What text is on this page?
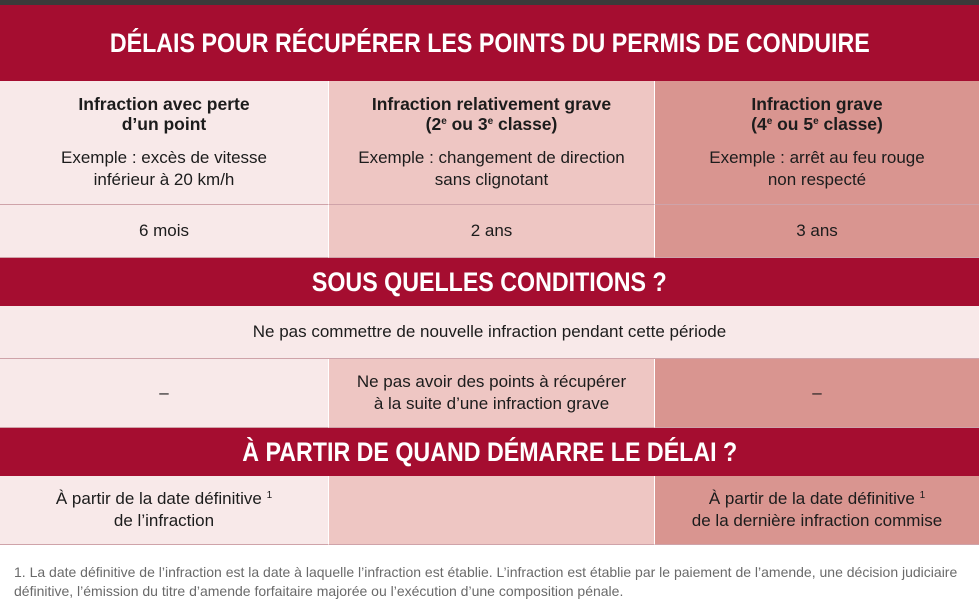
DÉLAIS POUR RÉCUPÉRER LES POINTS DU PERMIS DE CONDUIRE
Infraction avec perte
d’un point
Exemple : excès de vitesse
inférieur à 20 km/h
Infraction relativement grave
(2e ou 3e classe)
Exemple : changement de direction
sans clignotant
Infraction grave
(4e ou 5e classe)
Exemple : arrêt au feu rouge
non respecté
6 mois	2 ans	3 ans
SOUS QUELLES CONDITIONS ?
Ne pas commettre de nouvelle infraction pendant cette période
–
Ne pas avoir des points à récupérer
à la suite d’une infraction grave
–
À PARTIR DE QUAND DÉMARRE LE DÉLAI ?
À partir de la date définitive $^1$
de l’infraction
À partir de la date définitive $^1$
de la dernière infraction commise
1. La date définitive de l’infraction est la date à laquelle l’infraction est établie. L’infraction est établie par le paiement de l’amende, une décision judiciaire définitive, l’émission du titre d’amende forfaitaire majorée ou l’exécution d’une composition pénale.
